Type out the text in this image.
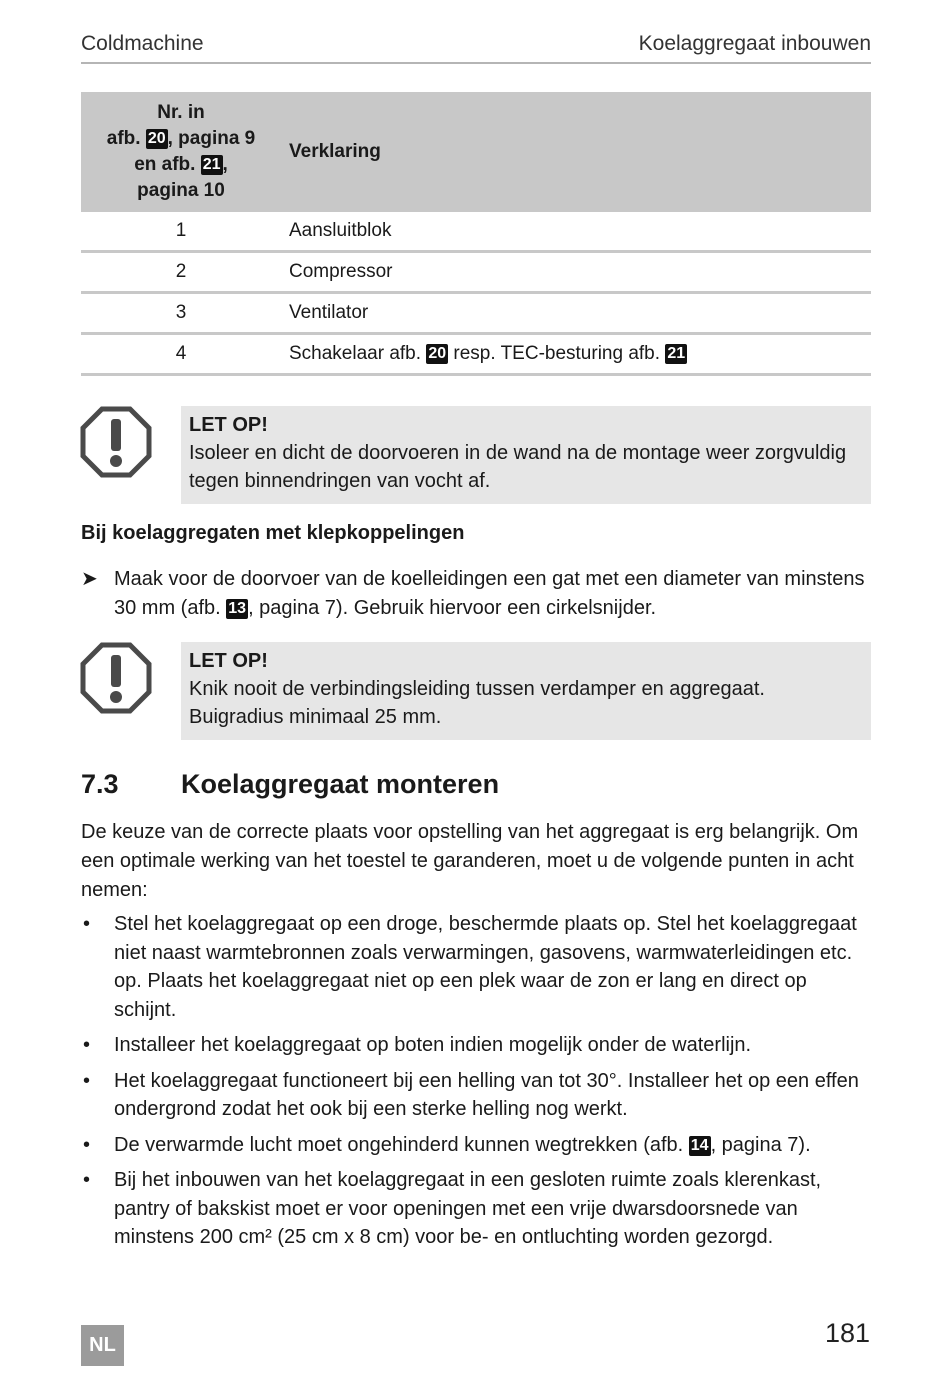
Coldmachine	Koelaggregaat inbouwen
Nr. in
afb. 20 , pagina 9
en afb. 21 ,
pagina 10	Verklaring
1	Aansluitblok
2	Compressor
3	Ventilator
4	Schakelaar afb. 20 resp. TEC-besturing afb. 21
LET OP!
Isoleer en dicht de doorvoeren in de wand na de montage weer zorgvuldig tegen binnendringen van vocht af.
Bij koelaggregaten met klepkoppelingen
➤ Maak voor de doorvoer van de koelleidingen een gat met een diameter van minstens 30 mm (afb. 13 , pagina 7). Gebruik hiervoor een cirkelsnijder.
LET OP!
Knik nooit de verbindingsleiding tussen verdamper en aggregaat. Buigradius minimaal 25 mm.
7.3 Koelaggregaat monteren
De keuze van de correcte plaats voor opstelling van het aggregaat is erg belangrijk. Om een optimale werking van het toestel te garanderen, moet u de volgende punten in acht nemen:
• Stel het koelaggregaat op een droge, beschermde plaats op. Stel het koelaggregaat niet naast warmtebronnen zoals verwarmingen, gasovens, warmwaterleidingen etc. op. Plaats het koelaggregaat niet op een plek waar de zon er lang en direct op schijnt.
• Installeer het koelaggregaat op boten indien mogelijk onder de waterlijn.
• Het koelaggregaat functioneert bij een helling van tot 30°. Installeer het op een effen ondergrond zodat het ook bij een sterke helling nog werkt.
• De verwarmde lucht moet ongehinderd kunnen wegtrekken (afb. 14 , pagina 7).
• Bij het inbouwen van het koelaggregaat in een gesloten ruimte zoals klerenkast, pantry of bakskist moet er voor openingen met een vrije dwarsdoorsnede van minstens 200 cm² (25 cm x 8 cm) voor be- en ontluchting worden gezorgd.
NL	181
